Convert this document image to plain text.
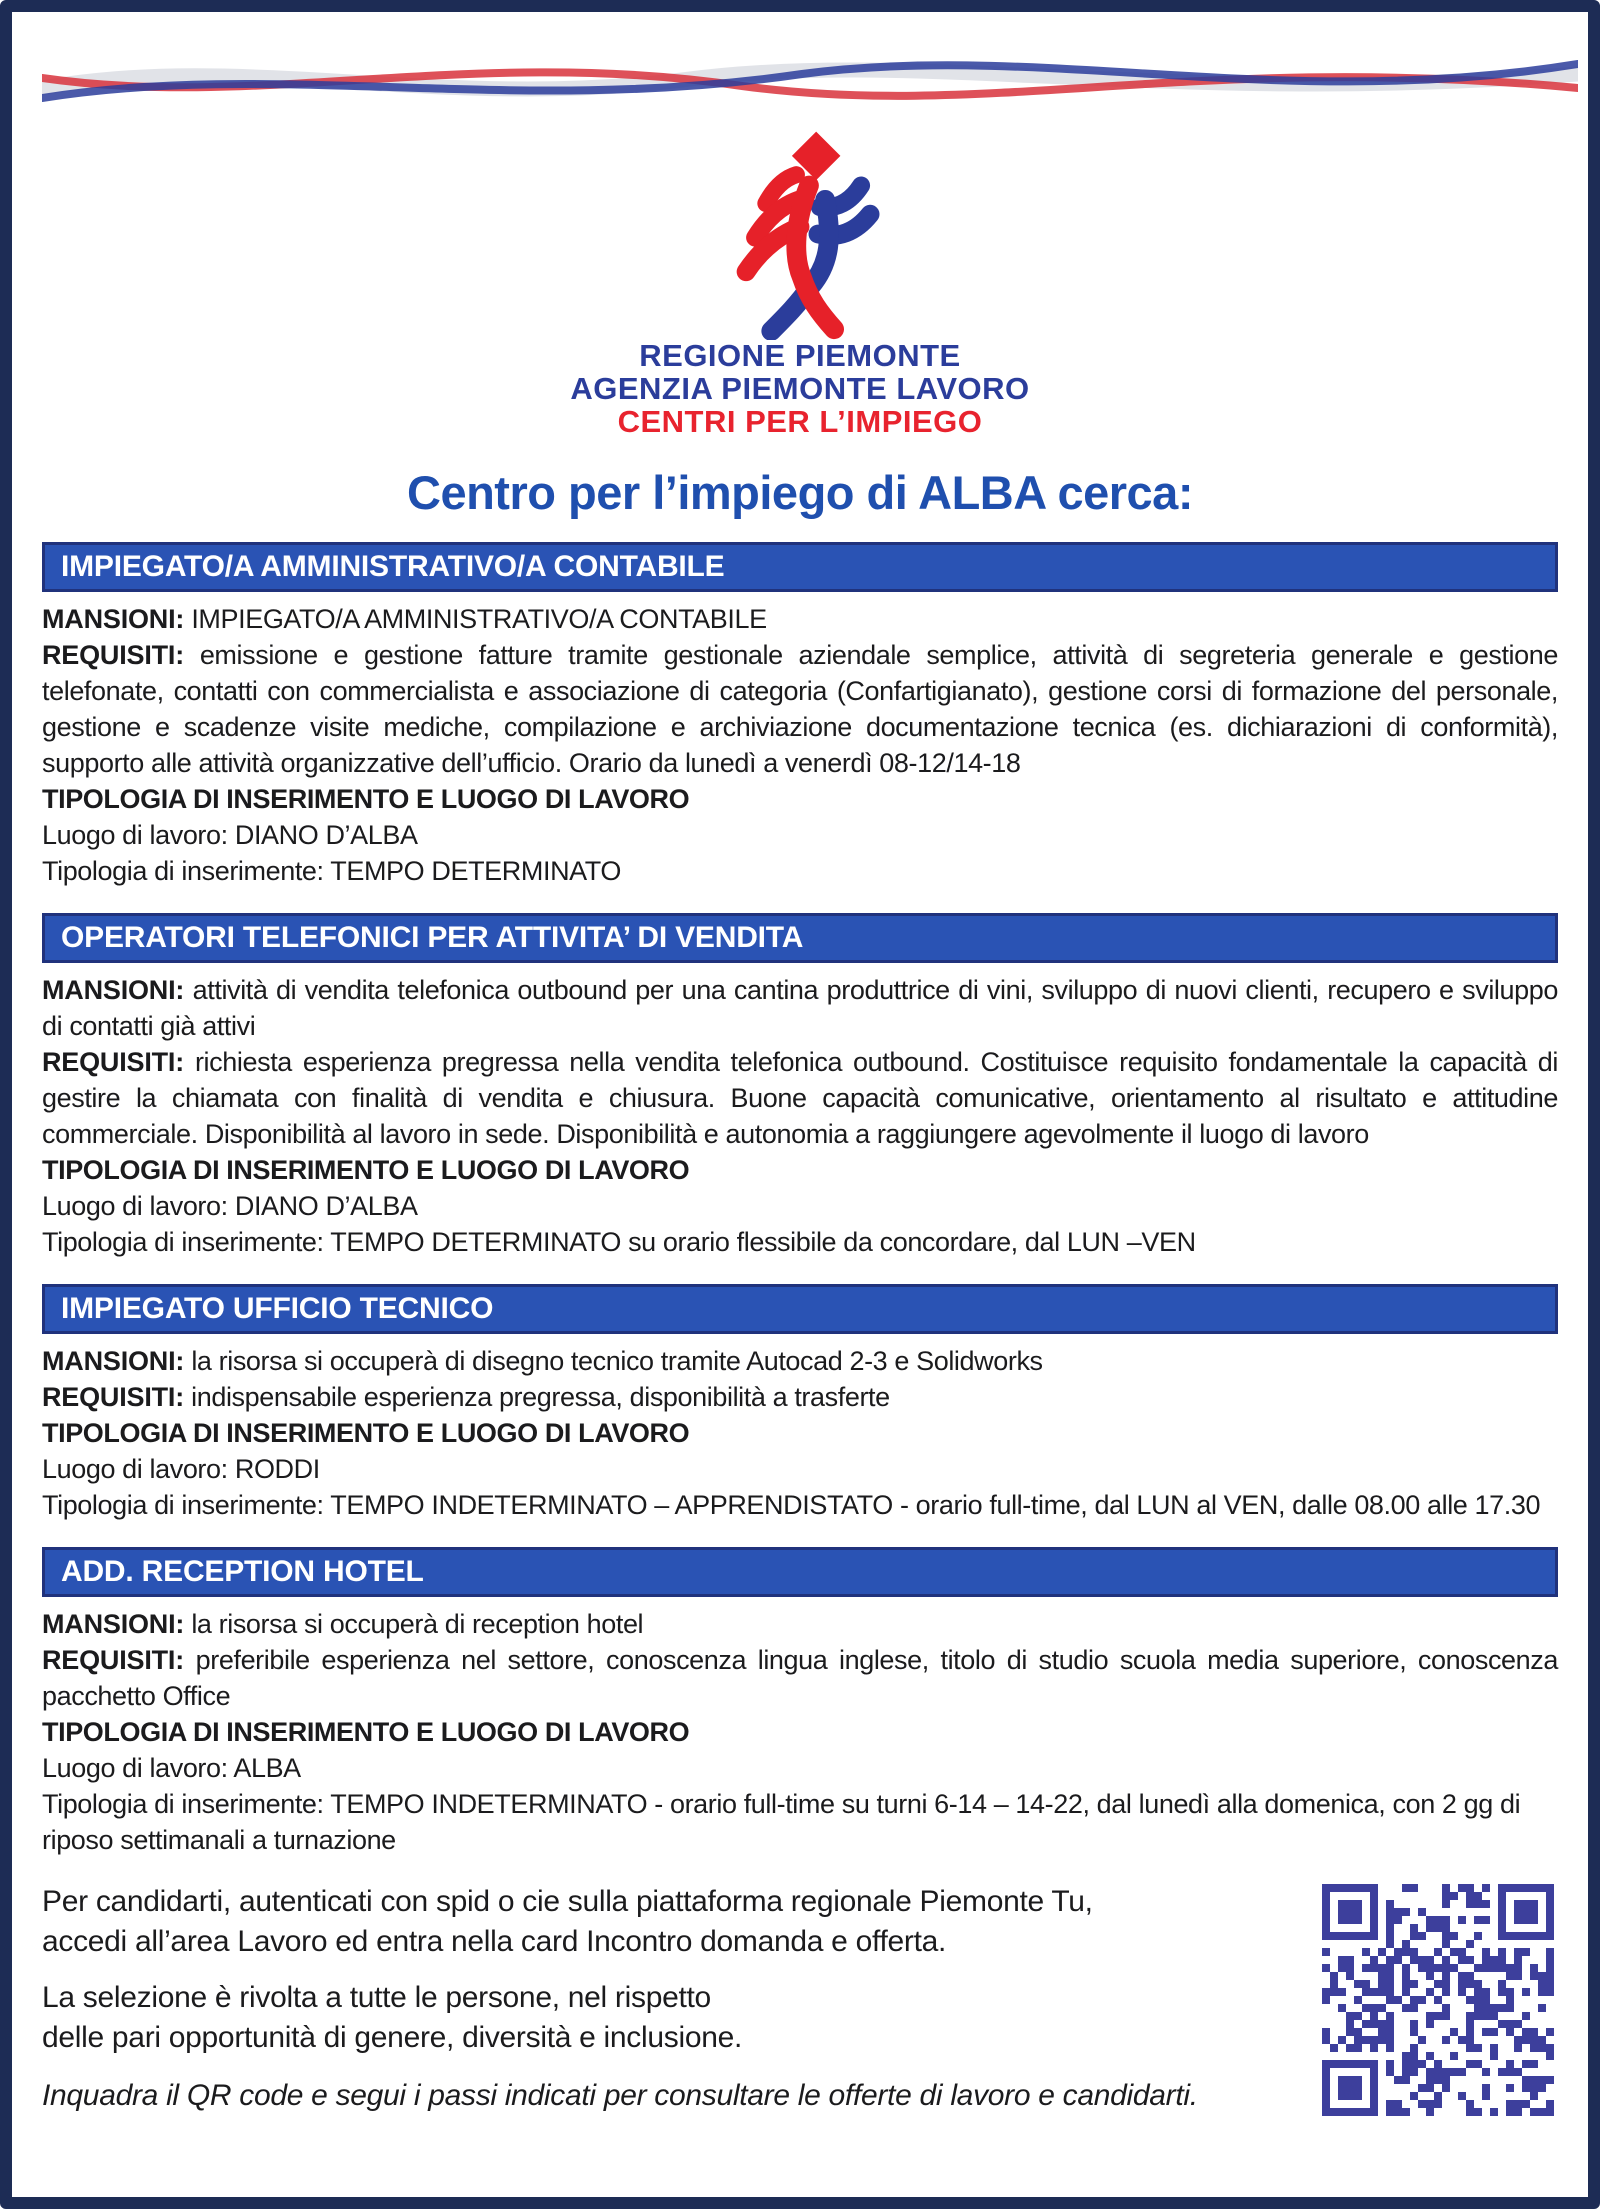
REGIONE PIEMONTE
AGENZIA PIEMONTE LAVORO
CENTRI PER L’IMPIEGO
Centro per l’impiego di ALBA cerca:
IMPIEGATO/A AMMINISTRATIVO/A CONTABILE

MANSIONI: IMPIEGATO/A AMMINISTRATIVO/A CONTABILE

REQUISITI: emissione e gestione fatture tramite gestionale aziendale semplice, attività di segreteria generale e gestione telefonate, contatti con commercialista e associazione di categoria (Confartigianato), gestione corsi di formazione del personale, gestione e scadenze visite mediche, compilazione e archiviazione documentazione tecnica (es. dichiarazioni di conformità), supporto alle attività organizzative dell’ufficio. Orario da lunedì a venerdì 08-12/14-18

TIPOLOGIA DI INSERIMENTO E LUOGO DI LAVORO

Luogo di lavoro: DIANO D’ALBA

Tipologia di inserimente: TEMPO DETERMINATO

OPERATORI TELEFONICI PER ATTIVITA’ DI VENDITA

MANSIONI: attività di vendita telefonica outbound per una cantina produttrice di vini, sviluppo di nuovi clienti, recupero e sviluppo di contatti già attivi

REQUISITI: richiesta esperienza pregressa nella vendita telefonica outbound. Costituisce requisito fondamentale la capacità di gestire la chiamata con finalità di vendita e chiusura. Buone capacità comunicative, orientamento al risultato e attitudine commerciale. Disponibilità al lavoro in sede. Disponibilità e autonomia a raggiungere agevolmente il luogo di lavoro

TIPOLOGIA DI INSERIMENTO E LUOGO DI LAVORO

Luogo di lavoro: DIANO D’ALBA

Tipologia di inserimente: TEMPO DETERMINATO su orario flessibile da concordare, dal LUN –VEN

IMPIEGATO UFFICIO TECNICO

MANSIONI: la risorsa si occuperà di disegno tecnico tramite Autocad 2-3 e Solidworks

REQUISITI: indispensabile esperienza pregressa, disponibilità a trasferte

TIPOLOGIA DI INSERIMENTO E LUOGO DI LAVORO

Luogo di lavoro: RODDI

Tipologia di inserimente: TEMPO INDETERMINATO – APPRENDISTATO - orario full-time, dal LUN al VEN, dalle 08.00 alle 17.30

ADD. RECEPTION HOTEL

MANSIONI: la risorsa si occuperà di reception hotel

REQUISITI: preferibile esperienza nel settore, conoscenza lingua inglese, titolo di studio scuola media superiore, conoscenza pacchetto Office

TIPOLOGIA DI INSERIMENTO E LUOGO DI LAVORO

Luogo di lavoro: ALBA

Tipologia di inserimente: TEMPO INDETERMINATO - orario full-time su turni 6-14 – 14-22, dal lunedì alla domenica, con 2 gg di riposo settimanali a turnazione

Per candidarti, autenticati con spid o cie sulla piattaforma regionale Piemonte Tu,

accedi all’area Lavoro ed entra nella card Incontro domanda e offerta.

La selezione è rivolta a tutte le persone, nel rispetto

delle pari opportunità di genere, diversità e inclusione.

Inquadra il QR code e segui i passi indicati per consultare le offerte di lavoro e candidarti.
